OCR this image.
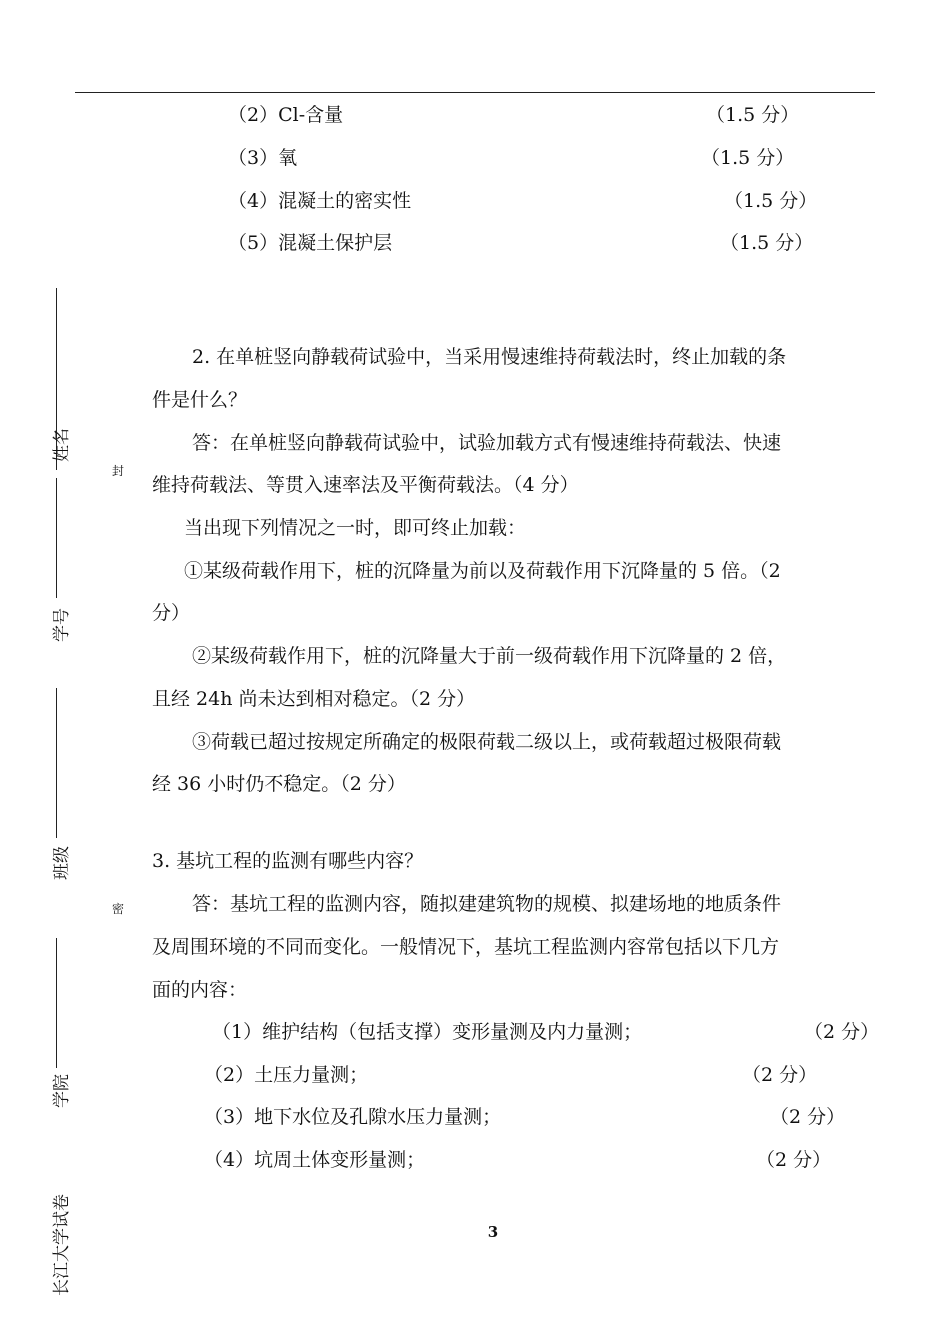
姓名
学号
班级
学院
长江大学试卷
封
密
（2）Cl-含量	（1.5 分）
（3）氧	（1.5 分）
（4）混凝土的密实性	（1.5 分）
（5）混凝土保护层	（1.5 分）
2. 在单桩竖向静载荷试验中，当采用慢速维持荷载法时，终止加载的条
件是什么？
答：在单桩竖向静载荷试验中，试验加载方式有慢速维持荷载法、快速
维持荷载法、等贯入速率法及平衡荷载法。（4 分）
当出现下列情况之一时，即可终止加载：
①某级荷载作用下，桩的沉降量为前以及荷载作用下沉降量的 5 倍。（2
分）
②某级荷载作用下，桩的沉降量大于前一级荷载作用下沉降量的 2 倍，
且经 24h 尚未达到相对稳定。（2 分）
③荷载已超过按规定所确定的极限荷载二级以上，或荷载超过极限荷载
经 36 小时仍不稳定。（2 分）
3. 基坑工程的监测有哪些内容？
答：基坑工程的监测内容，随拟建建筑物的规模、拟建场地的地质条件
及周围环境的不同而变化。一般情况下，基坑工程监测内容常包括以下几方
面的内容：
（1）维护结构（包括支撑）变形量测及内力量测；	（2 分）
（2）土压力量测；	（2 分）
（3）地下水位及孔隙水压力量测；	（2 分）
（4）坑周土体变形量测；	（2 分）
3
